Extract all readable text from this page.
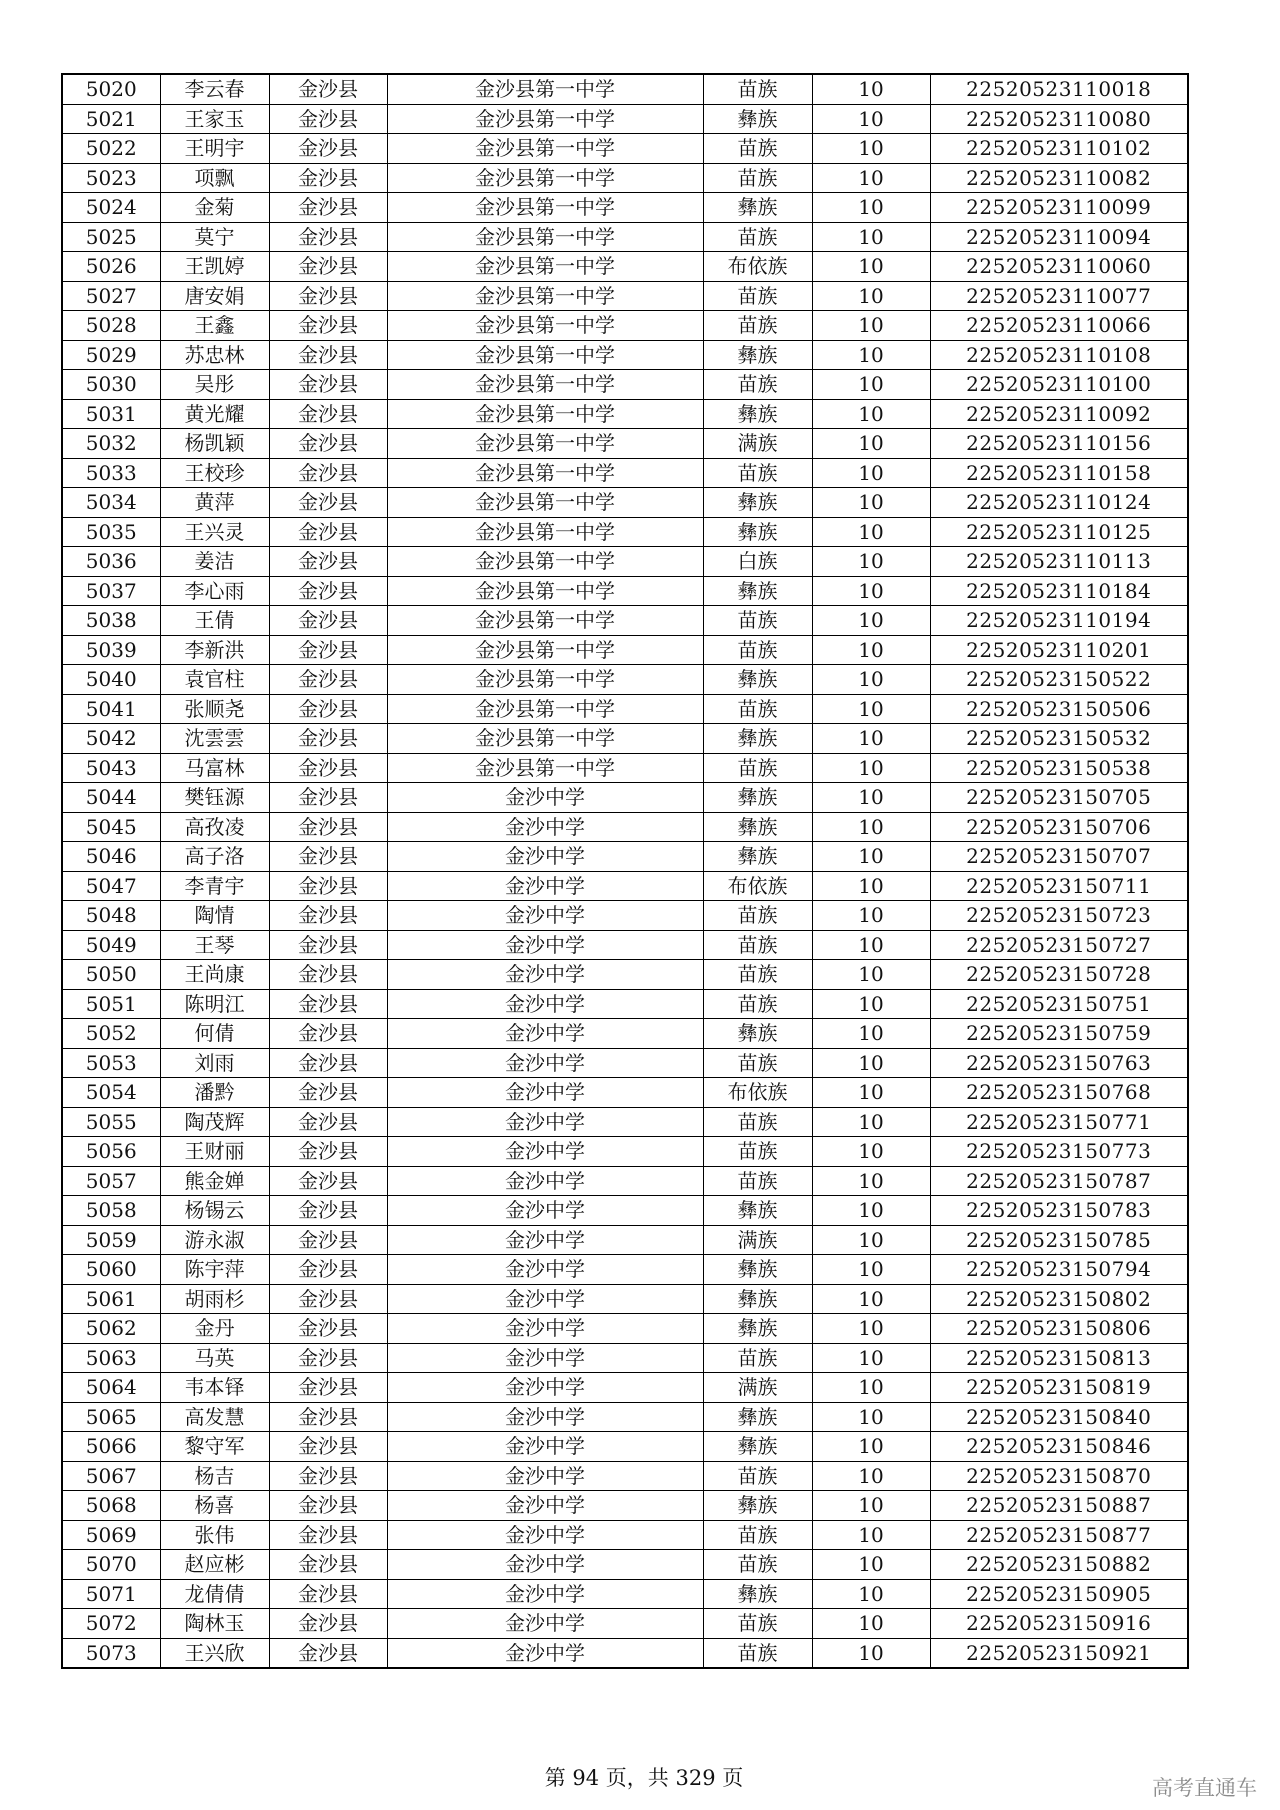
5020	李云春	金沙县	金沙县第一中学	苗族	10	22520523110018
5021	王家玉	金沙县	金沙县第一中学	彝族	10	22520523110080
5022	王明宇	金沙县	金沙县第一中学	苗族	10	22520523110102
5023	项飘	金沙县	金沙县第一中学	苗族	10	22520523110082
5024	金菊	金沙县	金沙县第一中学	彝族	10	22520523110099
5025	莫宁	金沙县	金沙县第一中学	苗族	10	22520523110094
5026	王凯婷	金沙县	金沙县第一中学	布依族	10	22520523110060
5027	唐安娟	金沙县	金沙县第一中学	苗族	10	22520523110077
5028	王鑫	金沙县	金沙县第一中学	苗族	10	22520523110066
5029	苏忠林	金沙县	金沙县第一中学	彝族	10	22520523110108
5030	吴彤	金沙县	金沙县第一中学	苗族	10	22520523110100
5031	黄光耀	金沙县	金沙县第一中学	彝族	10	22520523110092
5032	杨凯颖	金沙县	金沙县第一中学	满族	10	22520523110156
5033	王校珍	金沙县	金沙县第一中学	苗族	10	22520523110158
5034	黄萍	金沙县	金沙县第一中学	彝族	10	22520523110124
5035	王兴灵	金沙县	金沙县第一中学	彝族	10	22520523110125
5036	姜洁	金沙县	金沙县第一中学	白族	10	22520523110113
5037	李心雨	金沙县	金沙县第一中学	彝族	10	22520523110184
5038	王倩	金沙县	金沙县第一中学	苗族	10	22520523110194
5039	李新洪	金沙县	金沙县第一中学	苗族	10	22520523110201
5040	袁官柱	金沙县	金沙县第一中学	彝族	10	22520523150522
5041	张顺尧	金沙县	金沙县第一中学	苗族	10	22520523150506
5042	沈雲雲	金沙县	金沙县第一中学	彝族	10	22520523150532
5043	马富林	金沙县	金沙县第一中学	苗族	10	22520523150538
5044	樊钰源	金沙县	金沙中学	彝族	10	22520523150705
5045	高孜凌	金沙县	金沙中学	彝族	10	22520523150706
5046	高子洛	金沙县	金沙中学	彝族	10	22520523150707
5047	李青宇	金沙县	金沙中学	布依族	10	22520523150711
5048	陶情	金沙县	金沙中学	苗族	10	22520523150723
5049	王琴	金沙县	金沙中学	苗族	10	22520523150727
5050	王尚康	金沙县	金沙中学	苗族	10	22520523150728
5051	陈明江	金沙县	金沙中学	苗族	10	22520523150751
5052	何倩	金沙县	金沙中学	彝族	10	22520523150759
5053	刘雨	金沙县	金沙中学	苗族	10	22520523150763
5054	潘黔	金沙县	金沙中学	布依族	10	22520523150768
5055	陶茂辉	金沙县	金沙中学	苗族	10	22520523150771
5056	王财丽	金沙县	金沙中学	苗族	10	22520523150773
5057	熊金婵	金沙县	金沙中学	苗族	10	22520523150787
5058	杨锡云	金沙县	金沙中学	彝族	10	22520523150783
5059	游永淑	金沙县	金沙中学	满族	10	22520523150785
5060	陈宇萍	金沙县	金沙中学	彝族	10	22520523150794
5061	胡雨杉	金沙县	金沙中学	彝族	10	22520523150802
5062	金丹	金沙县	金沙中学	彝族	10	22520523150806
5063	马英	金沙县	金沙中学	苗族	10	22520523150813
5064	韦本铎	金沙县	金沙中学	满族	10	22520523150819
5065	高发慧	金沙县	金沙中学	彝族	10	22520523150840
5066	黎守军	金沙县	金沙中学	彝族	10	22520523150846
5067	杨吉	金沙县	金沙中学	苗族	10	22520523150870
5068	杨喜	金沙县	金沙中学	彝族	10	22520523150887
5069	张伟	金沙县	金沙中学	苗族	10	22520523150877
5070	赵应彬	金沙县	金沙中学	苗族	10	22520523150882
5071	龙倩倩	金沙县	金沙中学	彝族	10	22520523150905
5072	陶林玉	金沙县	金沙中学	苗族	10	22520523150916
5073	王兴欣	金沙县	金沙中学	苗族	10	22520523150921
第 94 页，共 329 页	高考直通车
